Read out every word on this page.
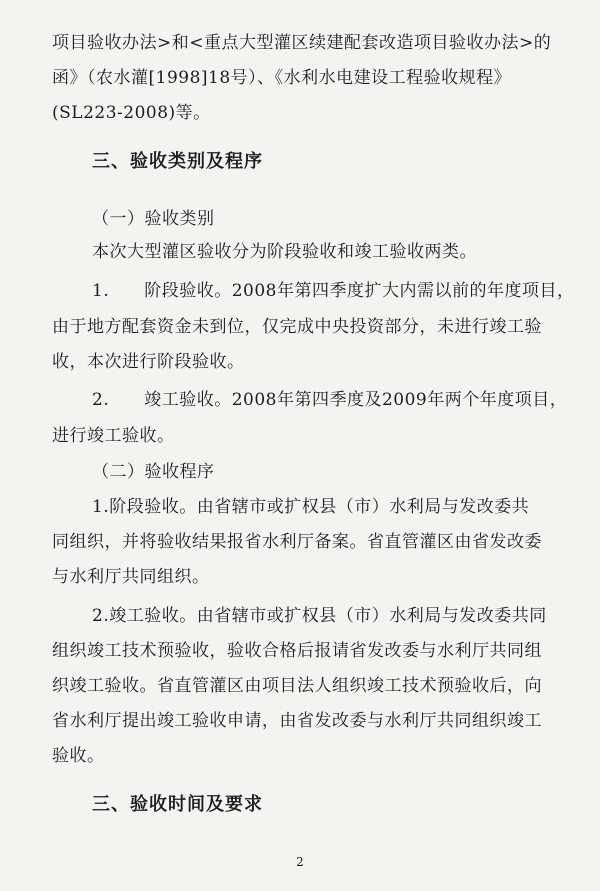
项目验收办法>和<重点大型灌区续建配套改造项目验收办法>的
函》（农水灌[1998]18号）、《水利水电建设工程验收规程》
(SL223-2008)等。
三、验收类别及程序
（一）验收类别
本次大型灌区验收分为阶段验收和竣工验收两类。
1.　　阶段验收。2008年第四季度扩大内需以前的年度项目，
由于地方配套资金未到位，仅完成中央投资部分，未进行竣工验
收，本次进行阶段验收。
2.　　竣工验收。2008年第四季度及2009年两个年度项目，
进行竣工验收。
（二）验收程序
1.阶段验收。由省辖市或扩权县（市）水利局与发改委共
同组织，并将验收结果报省水利厅备案。省直管灌区由省发改委
与水利厅共同组织。
2.竣工验收。由省辖市或扩权县（市）水利局与发改委共同
组织竣工技术预验收，验收合格后报请省发改委与水利厅共同组
织竣工验收。省直管灌区由项目法人组织竣工技术预验收后，向
省水利厅提出竣工验收申请，由省发改委与水利厅共同组织竣工
验收。
三、验收时间及要求
2
